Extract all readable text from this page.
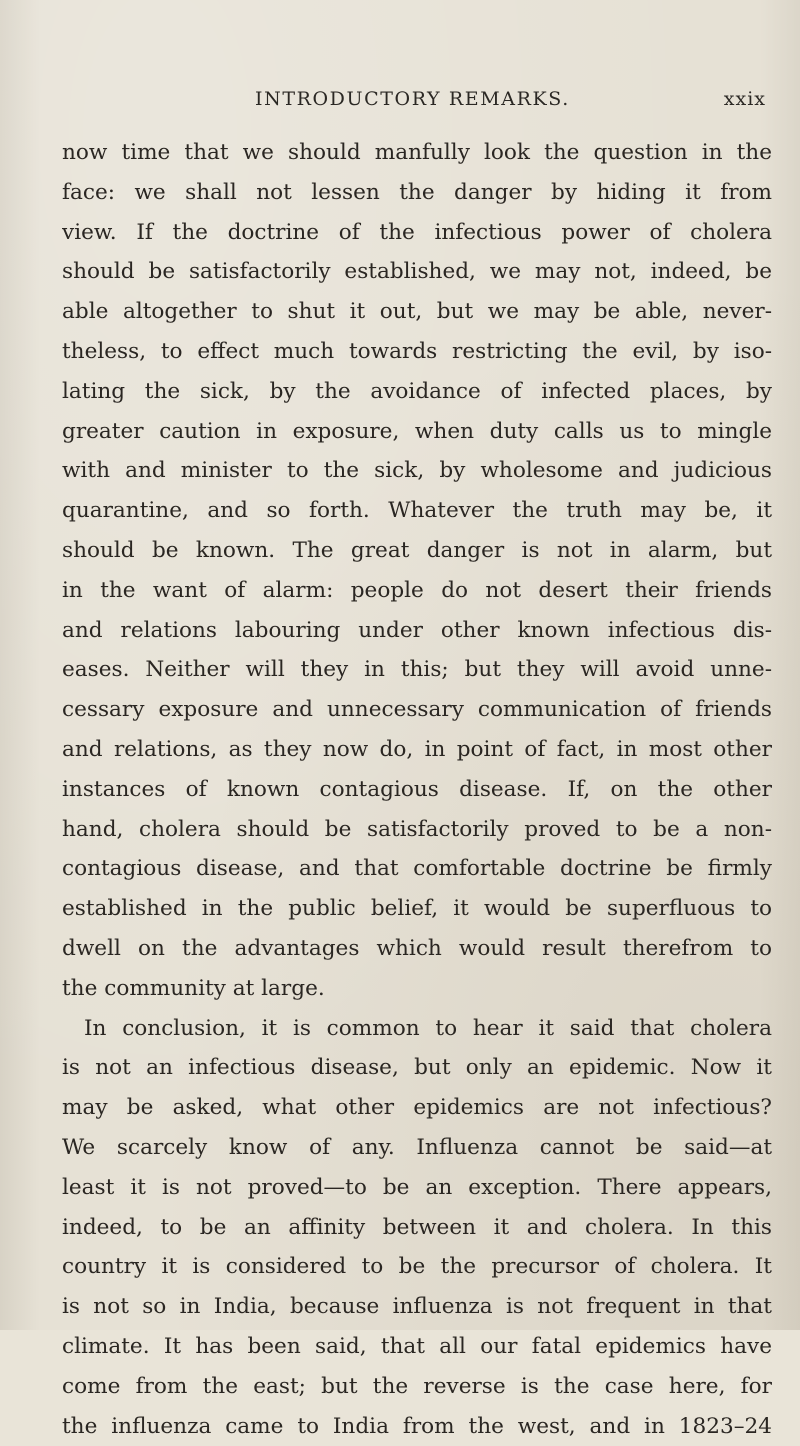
INTRODUCTORY REMARKS.	xxix
now time that we should manfully look the question in the
face: we shall not lessen the danger by hiding it from
view. If the doctrine of the infectious power of cholera
should be satisfactorily established, we may not, indeed, be
able altogether to shut it out, but we may be able, never-
theless, to effect much towards restricting the evil, by iso-
lating the sick, by the avoidance of infected places, by
greater caution in exposure, when duty calls us to mingle
with and minister to the sick, by wholesome and judicious
quarantine, and so forth. Whatever the truth may be, it
should be known. The great danger is not in alarm, but
in the want of alarm: people do not desert their friends
and relations labouring under other known infectious dis-
eases. Neither will they in this; but they will avoid unne-
cessary exposure and unnecessary communication of friends
and relations, as they now do, in point of fact, in most other
instances of known contagious disease. If, on the other
hand, cholera should be satisfactorily proved to be a non-
contagious disease, and that comfortable doctrine be firmly
established in the public belief, it would be superfluous to
dwell on the advantages which would result therefrom to
the community at large.
In conclusion, it is common to hear it said that cholera
is not an infectious disease, but only an epidemic. Now it
may be asked, what other epidemics are not infectious?
We scarcely know of any. Influenza cannot be said—at
least it is not proved—to be an exception. There appears,
indeed, to be an affinity between it and cholera. In this
country it is considered to be the precursor of cholera. It
is not so in India, because influenza is not frequent in that
climate. It has been said, that all our fatal epidemics have
come from the east; but the reverse is the case here, for
the influenza came to India from the west, and in 1823–24
